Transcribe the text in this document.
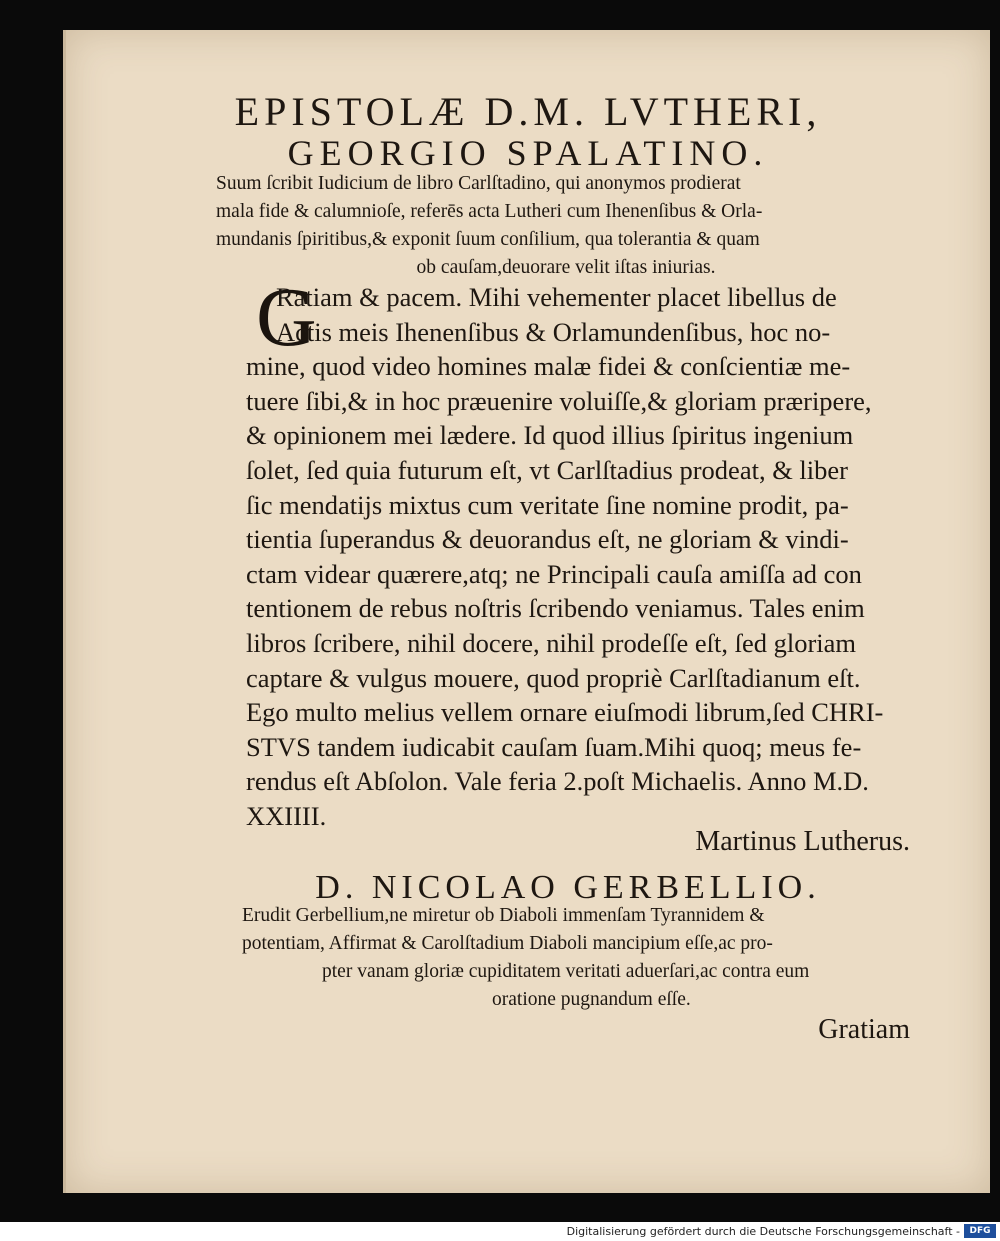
EPISTOLÆ D.M. LVTHERI,
GEORGIO SPALATINO.
Suum ſcribit Iudicium de libro Carlſtadino, qui anonymos prodierat
mala fide & calumnioſe, referēs acta Lutheri cum Ihenenſibus & Orla-
mundanis ſpiritibus,& exponit ſuum conſilium, qua tolerantia & quam
ob cauſam,deuorare velit iſtas iniurias.
G
Ratiam & pacem. Mihi vehementer placet libellus de
Actis meis Ihenenſibus & Orlamundenſibus, hoc no-
mine, quod video homines malæ fidei & conſcientiæ me-
tuere ſibi,& in hoc præuenire voluiſſe,& gloriam præripere,
& opinionem mei lædere. Id quod illius ſpiritus ingenium
ſolet, ſed quia futurum eſt, vt Carlſtadius prodeat, & liber
ſic mendatijs mixtus cum veritate ſine nomine prodit, pa-
tientia ſuperandus & deuorandus eſt, ne gloriam & vindi-
ctam videar quærere,atq; ne Principali cauſa amiſſa ad con
tentionem de rebus noſtris ſcribendo veniamus. Tales enim
libros ſcribere, nihil docere, nihil prodeſſe eſt, ſed gloriam
captare & vulgus mouere, quod propriè Carlſtadianum eſt.
Ego multo melius vellem ornare eiuſmodi librum,ſed CHRI-
STVS tandem iudicabit cauſam ſuam.Mihi quoq; meus fe-
rendus eſt Abſolon. Vale feria 2.poſt Michaelis. Anno M.D.
XXIIII.
Martinus Lutherus.
D. NICOLAO GERBELLIO.
Erudit Gerbellium,ne miretur ob Diaboli immenſam Tyrannidem &
potentiam, Affirmat & Carolſtadium Diaboli mancipium eſſe,ac pro-
pter vanam gloriæ cupiditatem veritati aduerſari,ac contra eum
oratione pugnandum eſſe.
Gratiam
Digitalisierung gefördert durch die Deutsche Forschungsgemeinschaft -	DFG
